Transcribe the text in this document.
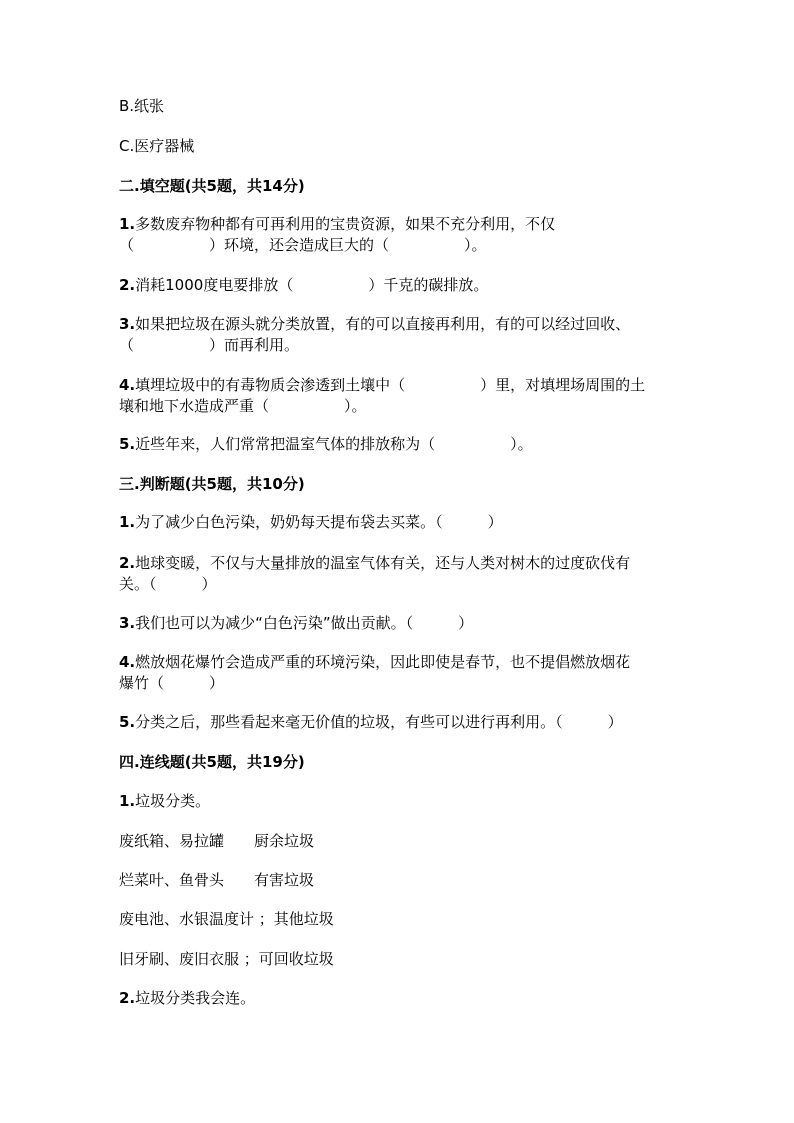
B.纸张
C.医疗器械
二.填空题(共5题，共14分)
1.多数废弃物种都有可再利用的宝贵资源，如果不充分利用，不仅
（　　　　　）环境，还会造成巨大的（　　　　　）。
2.消耗1000度电要排放（　　　　　）千克的碳排放。
3.如果把垃圾在源头就分类放置，有的可以直接再利用，有的可以经过回收、
（　　　　　）而再利用。
4.填埋垃圾中的有毒物质会渗透到土壤中（　　　　　）里，对填埋场周围的土
壤和地下水造成严重（　　　　　）。
5.近些年来，人们常常把温室气体的排放称为（　　　　　）。
三.判断题(共5题，共10分)
1.为了减少白色污染，奶奶每天提布袋去买菜。（　　　）
2.地球变暖，不仅与大量排放的温室气体有关，还与人类对树木的过度砍伐有
关。（　　　）
3.我们也可以为减少“白色污染”做出贡献。（　　　）
4.燃放烟花爆竹会造成严重的环境污染，因此即使是春节，也不提倡燃放烟花
爆竹（　　　）
5.分类之后，那些看起来毫无价值的垃圾，有些可以进行再利用。（　　　）
四.连线题(共5题，共19分)
1.垃圾分类。
废纸箱、易拉罐　　厨余垃圾
烂菜叶、鱼骨头　　有害垃圾
废电池、水银温度计 ；其他垃圾
旧牙刷、废旧衣服 ；可回收垃圾
2.垃圾分类我会连。
